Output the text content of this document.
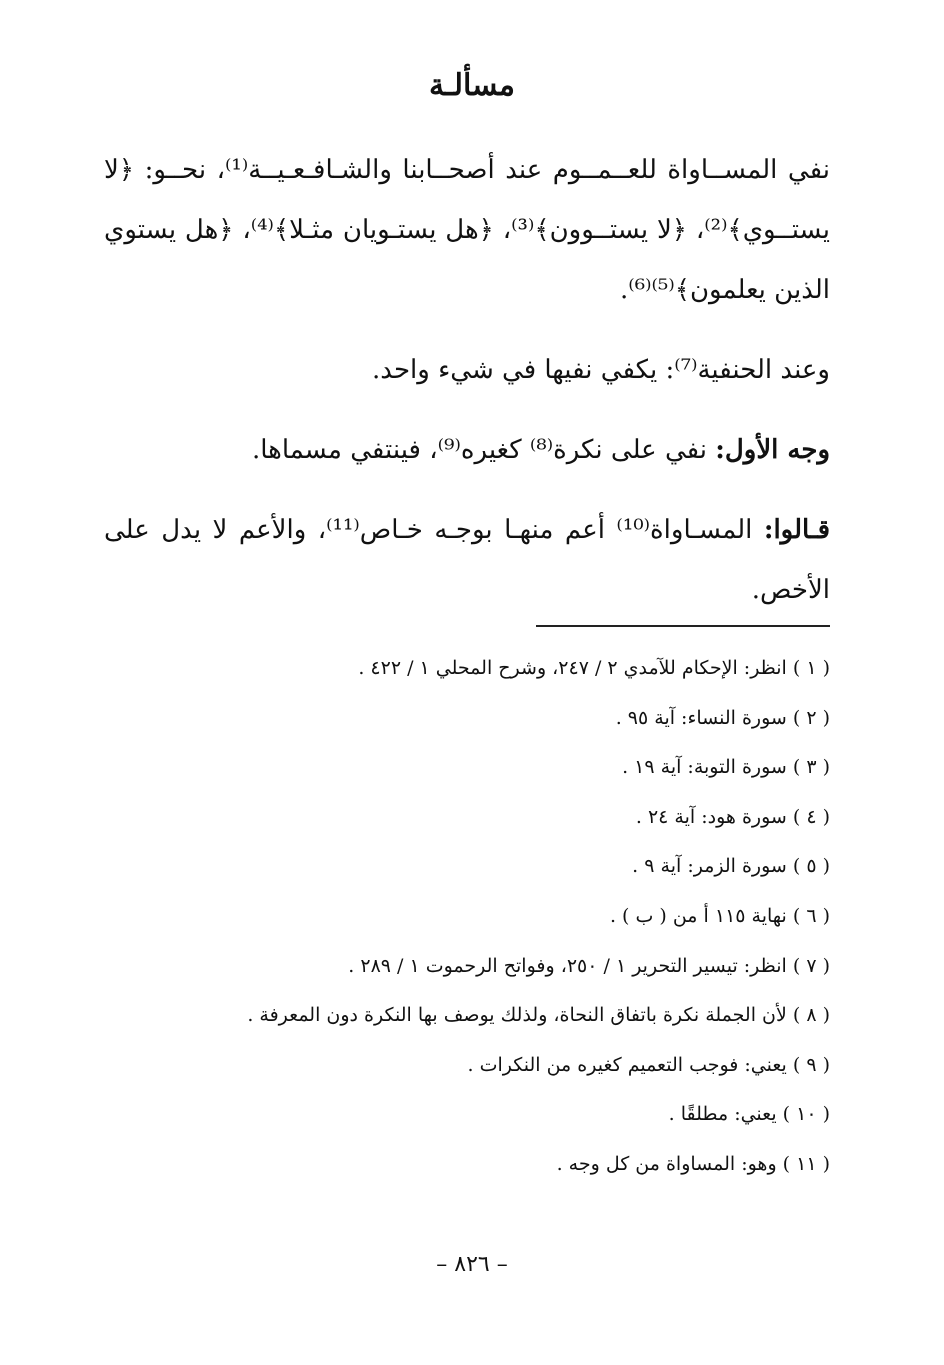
مسألـة

نفي المســاواة للعــمــوم عند أصحــابنا والشـافـعـيــة⁽¹⁾، نحــو: ﴿لا يستــوي﴾⁽²⁾، ﴿لا يستــوون﴾⁽³⁾، ﴿هل يستـويان مثـلا﴾⁽⁴⁾، ﴿هل يستوي الذين يعلمون﴾⁽⁵⁾⁽⁶⁾.

وعند الحنفية⁽⁷⁾: يكفي نفيها في شيء واحد.

وجه الأول: نفي على نكرة⁽⁸⁾ كغيره⁽⁹⁾، فينتفي مسماها.

قـالوا: المسـاواة⁽¹⁰⁾ أعم منهـا بوجـه خـاص⁽¹¹⁾، والأعم لا يدل على الأخص.

( ١ ) انظر: الإحكام للآمدي ٢ / ٢٤٧، وشرح المحلي ١ / ٤٢٢ .
( ٢ ) سورة النساء: آية ٩٥ .
( ٣ ) سورة التوبة: آية ١٩ .
( ٤ ) سورة هود: آية ٢٤ .
( ٥ ) سورة الزمر: آية ٩ .
( ٦ ) نهاية ١١٥ أ من ( ب ) .
( ٧ ) انظر: تيسير التحرير ١ / ٢٥٠، وفواتح الرحموت ١ / ٢٨٩ .
( ٨ ) لأن الجملة نكرة باتفاق النحاة، ولذلك يوصف بها النكرة دون المعرفة .
( ٩ ) يعني: فوجب التعميم كغيره من النكرات .
( ١٠ ) يعني: مطلقًا .
( ١١ ) وهو: المساواة من كل وجه .
– ٨٢٦ –
